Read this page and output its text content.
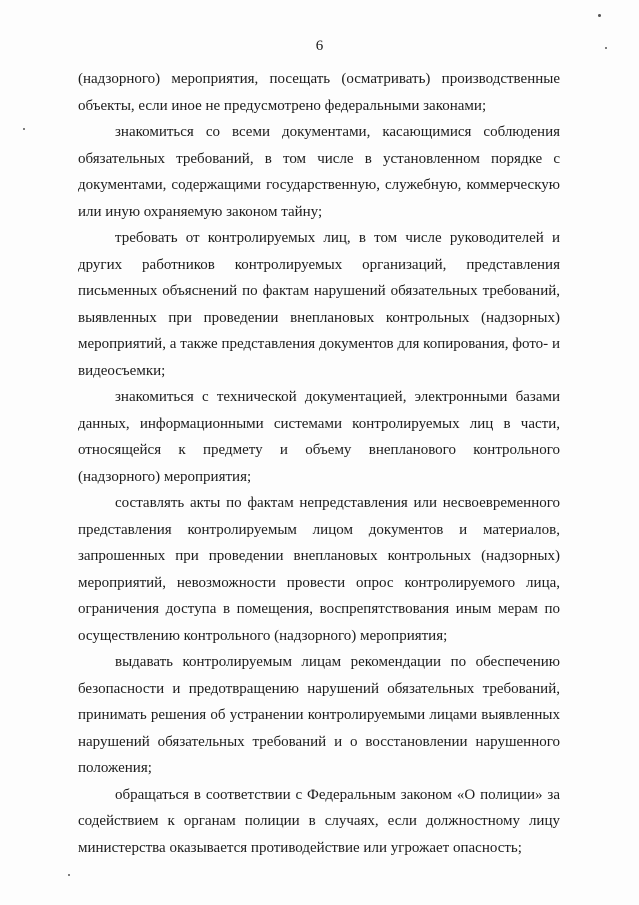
6

(надзорного) мероприятия, посещать (осматривать) производственные объекты, если иное не предусмотрено федеральными законами;

знакомиться со всеми документами, касающимися соблюдения обязательных требований, в том числе в установленном порядке с документами, содержащими государственную, служебную, коммерческую или иную охраняемую законом тайну;

требовать от контролируемых лиц, в том числе руководителей и других работников контролируемых организаций, представления письменных объяснений по фактам нарушений обязательных требований, выявленных при проведении внеплановых контрольных (надзорных) мероприятий, а также представления документов для копирования, фото- и видеосъемки;

знакомиться с технической документацией, электронными базами данных, информационными системами контролируемых лиц в части, относящейся к предмету и объему внепланового контрольного (надзорного) мероприятия;

составлять акты по фактам непредставления или несвоевременного представления контролируемым лицом документов и материалов, запрошенных при проведении внеплановых контрольных (надзорных) мероприятий, невозможности провести опрос контролируемого лица, ограничения доступа в помещения, воспрепятствования иным мерам по осуществлению контрольного (надзорного) мероприятия;

выдавать контролируемым лицам рекомендации по обеспечению безопасности и предотвращению нарушений обязательных требований, принимать решения об устранении контролируемыми лицами выявленных нарушений обязательных требований и о восстановлении нарушенного положения;

обращаться в соответствии с Федеральным законом «О полиции» за содействием к органам полиции в случаях, если должностному лицу министерства оказывается противодействие или угрожает опасность;
